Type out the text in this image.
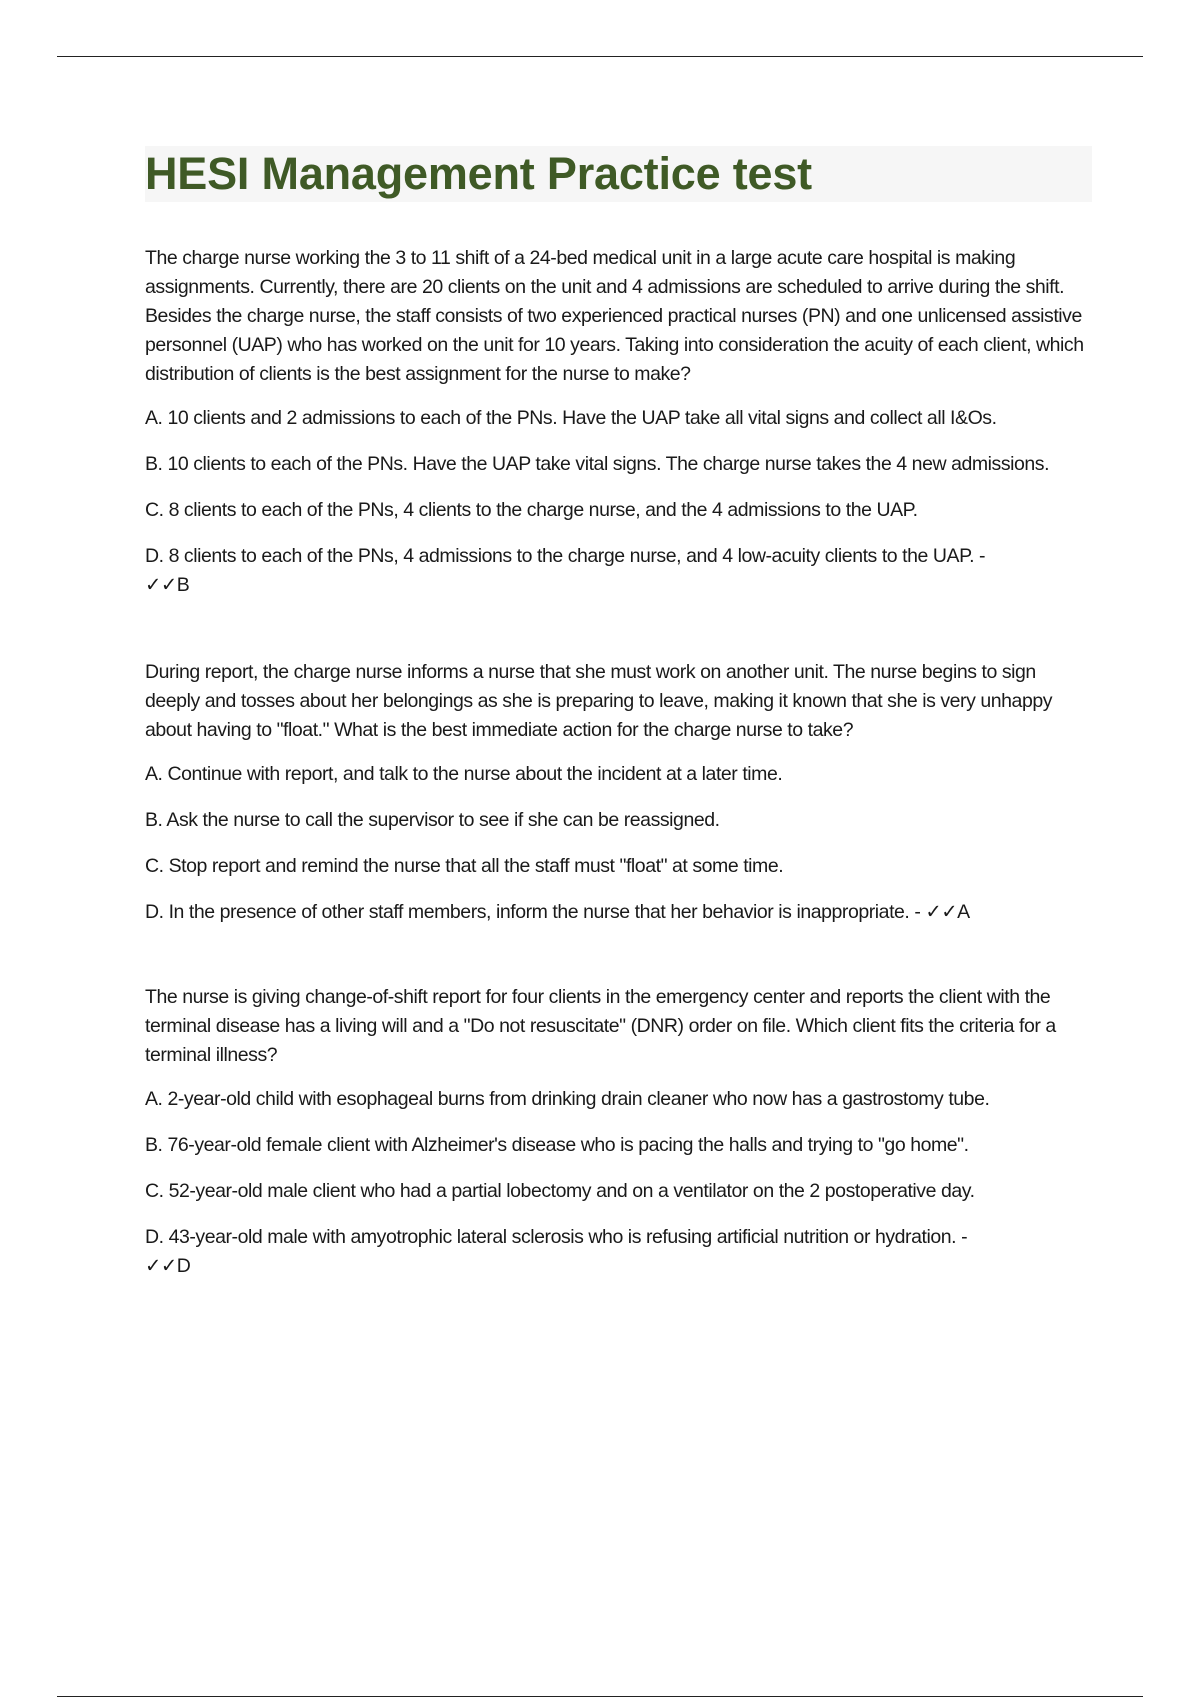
HESI Management Practice test

The charge nurse working the 3 to 11 shift of a 24-bed medical unit in a large acute care hospital is making assignments. Currently, there are 20 clients on the unit and 4 admissions are scheduled to arrive during the shift. Besides the charge nurse, the staff consists of two experienced practical nurses (PN) and one unlicensed assistive personnel (UAP) who has worked on the unit for 10 years. Taking into consideration the acuity of each client, which distribution of clients is the best assignment for the nurse to make?

A. 10 clients and 2 admissions to each of the PNs. Have the UAP take all vital signs and collect all I&Os.

B. 10 clients to each of the PNs. Have the UAP take vital signs. The charge nurse takes the 4 new admissions.

C. 8 clients to each of the PNs, 4 clients to the charge nurse, and the 4 admissions to the UAP.

D. 8 clients to each of the PNs, 4 admissions to the charge nurse, and 4 low-acuity clients to the UAP. -
✓✓B

During report, the charge nurse informs a nurse that she must work on another unit. The nurse begins to sign deeply and tosses about her belongings as she is preparing to leave, making it known that she is very unhappy about having to "float." What is the best immediate action for the charge nurse to take?

A. Continue with report, and talk to the nurse about the incident at a later time.

B. Ask the nurse to call the supervisor to see if she can be reassigned.

C. Stop report and remind the nurse that all the staff must "float" at some time.

D. In the presence of other staff members, inform the nurse that her behavior is inappropriate. - ✓✓A

The nurse is giving change-of-shift report for four clients in the emergency center and reports the client with the terminal disease has a living will and a "Do not resuscitate" (DNR) order on file. Which client fits the criteria for a terminal illness?

A. 2-year-old child with esophageal burns from drinking drain cleaner who now has a gastrostomy tube.

B. 76-year-old female client with Alzheimer's disease who is pacing the halls and trying to "go home".

C. 52-year-old male client who had a partial lobectomy and on a ventilator on the 2 postoperative day.

D. 43-year-old male with amyotrophic lateral sclerosis who is refusing artificial nutrition or hydration. -
✓✓D
